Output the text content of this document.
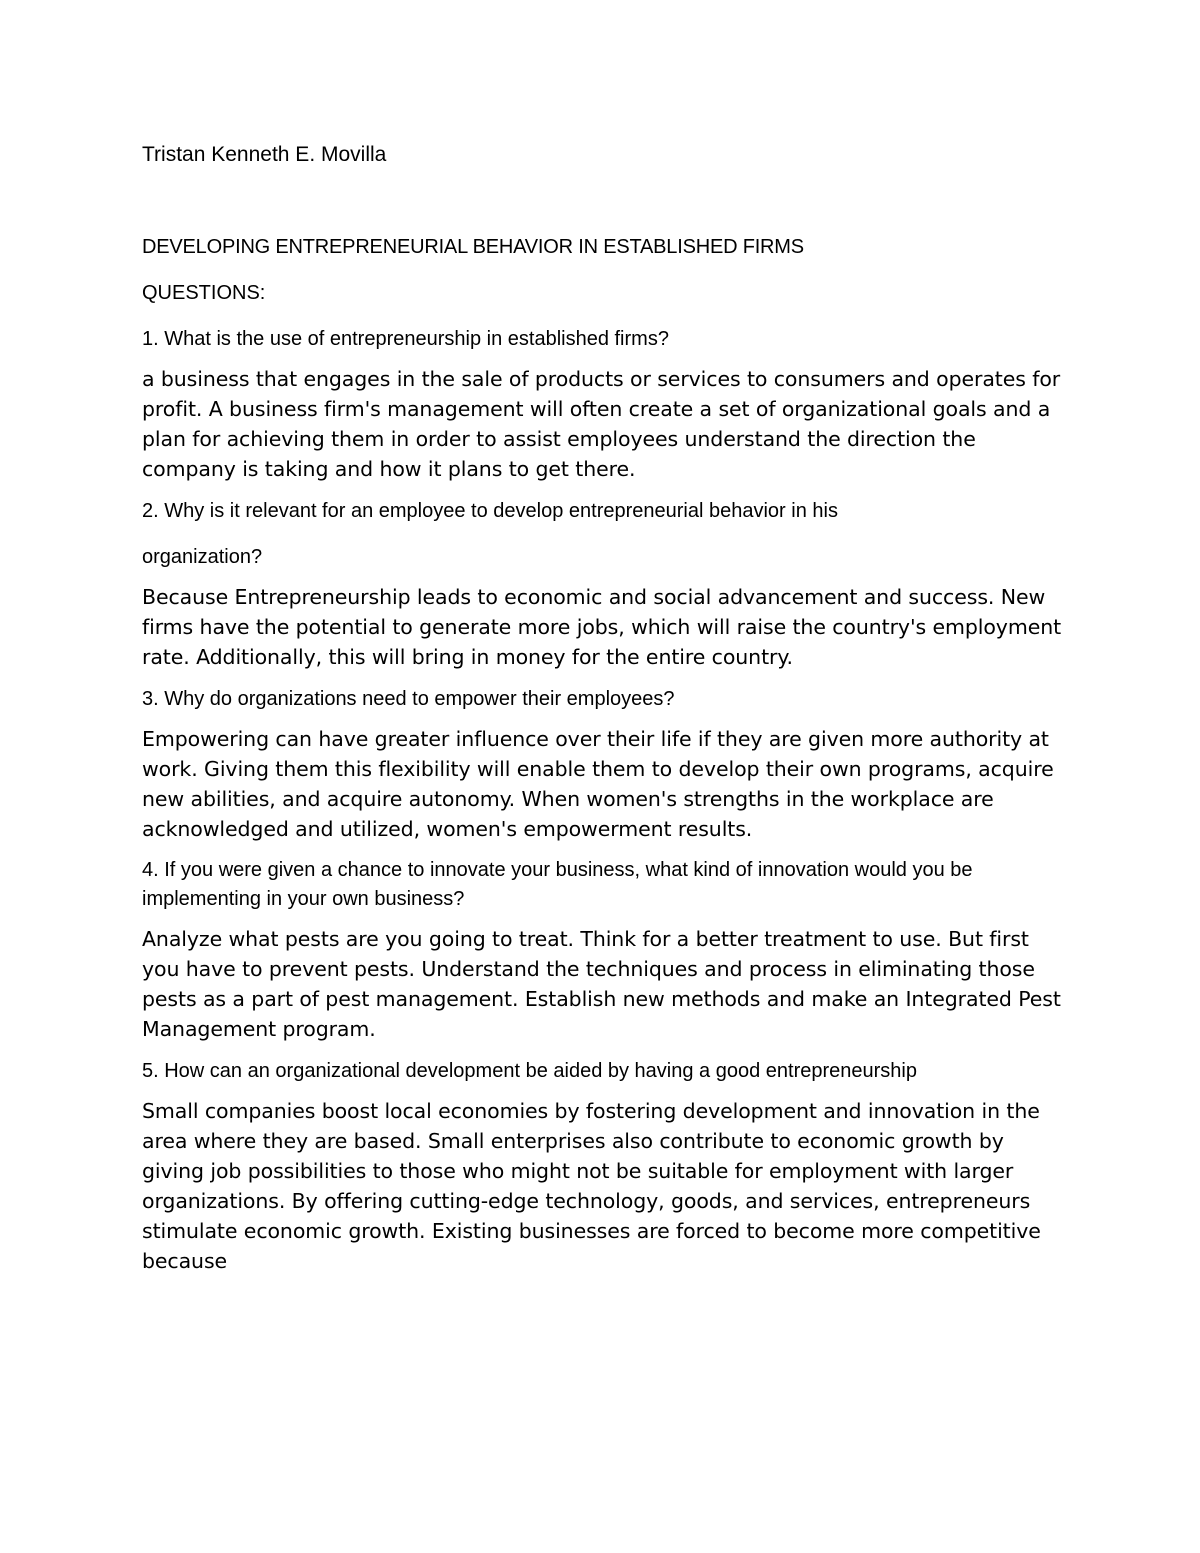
Tristan Kenneth E. Movilla
DEVELOPING ENTREPRENEURIAL BEHAVIOR IN ESTABLISHED FIRMS
QUESTIONS:
1. What is the use of entrepreneurship in established firms?
a business that engages in the sale of products or services to consumers and operates for profit. A business firm's management will often create a set of organizational goals and a plan for achieving them in order to assist employees understand the direction the company is taking and how it plans to get there.
2. Why is it relevant for an employee to develop entrepreneurial behavior in his
organization?
Because Entrepreneurship leads to economic and social advancement and success. New firms have the potential to generate more jobs, which will raise the country's employment rate. Additionally, this will bring in money for the entire country.
3. Why do organizations need to empower their employees?
Empowering can have greater influence over their life if they are given more authority at work. Giving them this flexibility will enable them to develop their own programs, acquire new abilities, and acquire autonomy. When women's strengths in the workplace are acknowledged and utilized, women's empowerment results.
4. If you were given a chance to innovate your business, what kind of innovation would you be implementing in your own business?
Analyze what pests are you going to treat. Think for a better treatment to use. But first you have to prevent pests. Understand the techniques and process in eliminating those pests as a part of pest management. Establish new methods and make an Integrated Pest Management program.
5. How can an organizational development be aided by having a good entrepreneurship
Small companies boost local economies by fostering development and innovation in the area where they are based. Small enterprises also contribute to economic growth by giving job possibilities to those who might not be suitable for employment with larger organizations. By offering cutting-edge technology, goods, and services, entrepreneurs stimulate economic growth. Existing businesses are forced to become more competitive because
